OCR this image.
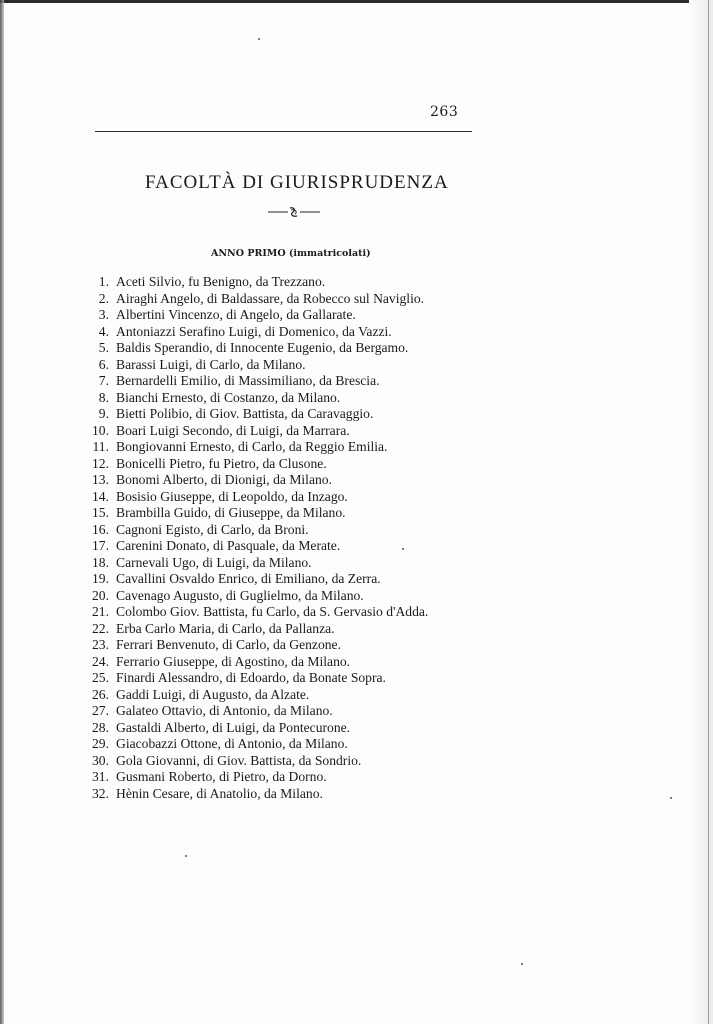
263
FACOLTÀ DI GIURISPRUDENZA
ANNO PRIMO (immatricolati)
1. Aceti Silvio, fu Benigno, da Trezzano.
2. Airaghi Angelo, di Baldassare, da Robecco sul Naviglio.
3. Albertini Vincenzo, di Angelo, da Gallarate.
4. Antoniazzi Serafino Luigi, di Domenico, da Vazzi.
5. Baldis Sperandio, di Innocente Eugenio, da Bergamo.
6. Barassi Luigi, di Carlo, da Milano.
7. Bernardelli Emilio, di Massimiliano, da Brescia.
8. Bianchi Ernesto, di Costanzo, da Milano.
9. Bietti Polibio, di Giov. Battista, da Caravaggio.
10. Boari Luigi Secondo, di Luigi, da Marrara.
11. Bongiovanni Ernesto, di Carlo, da Reggio Emilia.
12. Bonicelli Pietro, fu Pietro, da Clusone.
13. Bonomi Alberto, di Dionigi, da Milano.
14. Bosisio Giuseppe, di Leopoldo, da Inzago.
15. Brambilla Guido, di Giuseppe, da Milano.
16. Cagnoni Egisto, di Carlo, da Broni.
17. Carenini Donato, di Pasquale, da Merate.
18. Carnevali Ugo, di Luigi, da Milano.
19. Cavallini Osvaldo Enrico, di Emiliano, da Zerra.
20. Cavenago Augusto, di Guglielmo, da Milano.
21. Colombo Giov. Battista, fu Carlo, da S. Gervasio d'Adda.
22. Erba Carlo Maria, di Carlo, da Pallanza.
23. Ferrari Benvenuto, di Carlo, da Genzone.
24. Ferrario Giuseppe, di Agostino, da Milano.
25. Finardi Alessandro, di Edoardo, da Bonate Sopra.
26. Gaddi Luigi, di Augusto, da Alzate.
27. Galateo Ottavio, di Antonio, da Milano.
28. Gastaldi Alberto, di Luigi, da Pontecurone.
29. Giacobazzi Ottone, di Antonio, da Milano.
30. Gola Giovanni, di Giov. Battista, da Sondrio.
31. Gusmani Roberto, di Pietro, da Dorno.
32. Hènin Cesare, di Anatolio, da Milano.
